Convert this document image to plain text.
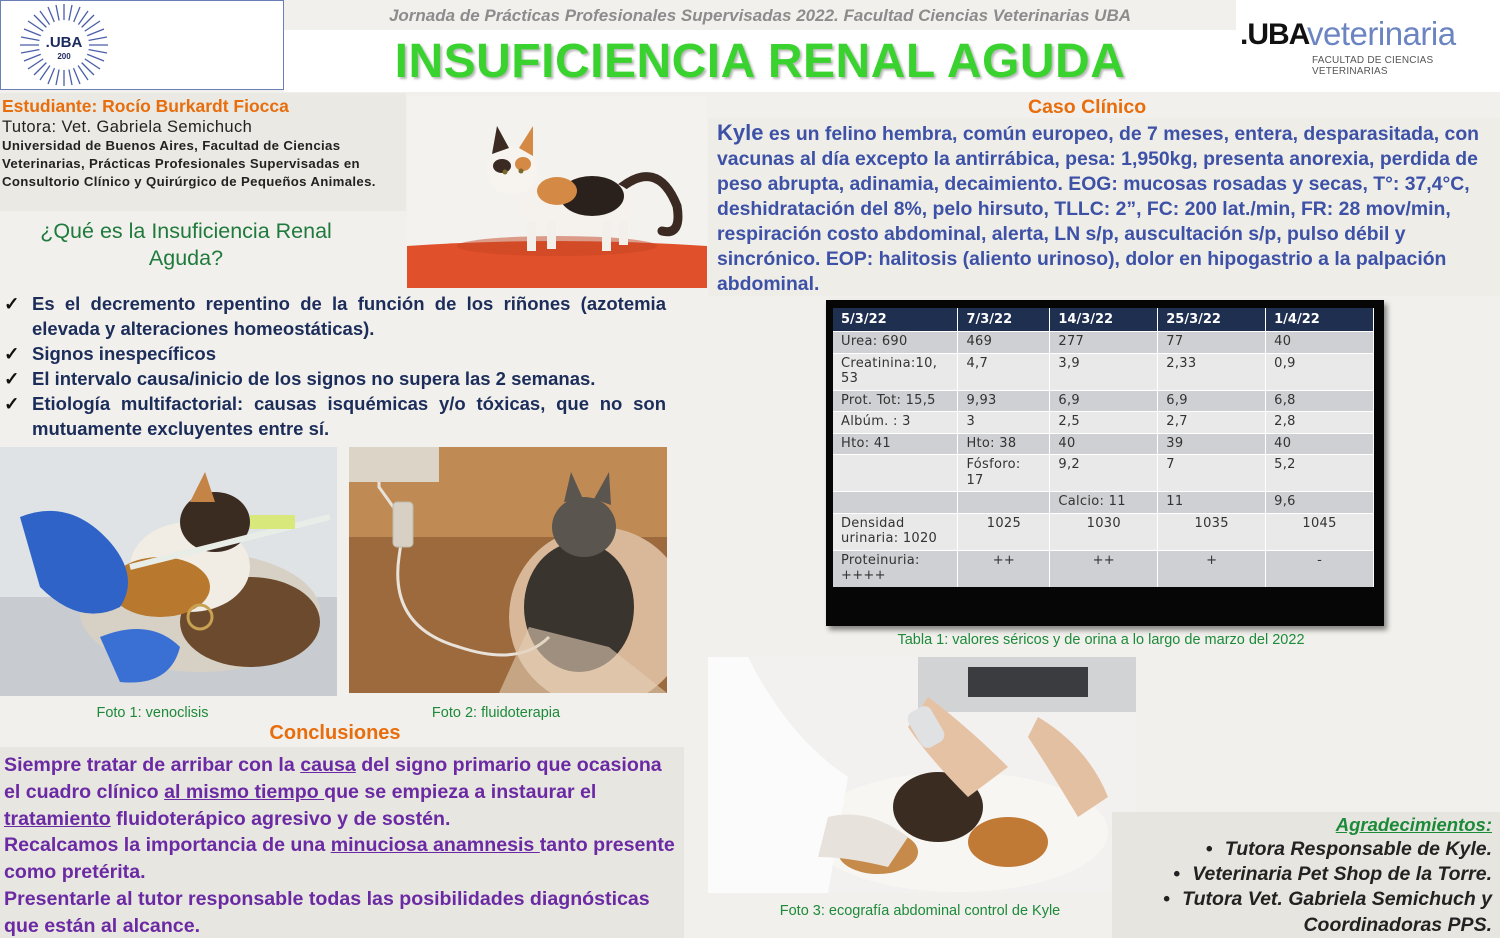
.UBA
200
Jornada de Prácticas Profesionales Supervisadas 2022. Facultad Ciencias Veterinarias UBA
INSUFICIENCIA RENAL AGUDA
.UBA
veterinaria
FACULTAD DE CIENCIAS VETERINARIAS
Estudiante: Rocío Burkardt Fiocca
Tutora: Vet. Gabriela Semichuch
Universidad de Buenos Aires, Facultad de Ciencias Veterinarias, Prácticas Profesionales Supervisadas en Consultorio Clínico y Quirúrgico de Pequeños Animales.
¿Qué es la Insuficiencia Renal
Aguda?
✓ Es el decremento repentino de la función de los riñones (azotemia elevada y alteraciones homeostáticas).
✓ Signos inespecíficos
✓ El intervalo causa/inicio de los signos no supera las 2 semanas.
✓ Etiología multifactorial: causas isquémicas y/o tóxicas, que no son mutuamente excluyentes entre sí.
Foto 1: venoclisis	Foto 2: fluidoterapia
Conclusiones
Siempre tratar de arribar con la causa del signo primario que ocasiona el cuadro clínico al mismo tiempo que se empieza a instaurar el tratamiento fluidoterápico agresivo y de sostén.
Recalcamos la importancia de una minuciosa anamnesis tanto presente como pretérita.
Presentarle al tutor responsable todas las posibilidades diagnósticas que están al alcance.
Caso Clínico
Kyle es un felino hembra, común europeo, de 7 meses, entera, desparasitada, con vacunas al día excepto la antirrábica, pesa: 1,950kg, presenta anorexia, perdida de peso abrupta, adinamia, decaimiento. EOG: mucosas rosadas y secas, T°: 37,4°C, deshidratación del 8%, pelo hirsuto, TLLC: 2”, FC: 200 lat./min, FR: 28 mov/min, respiración costo abdominal, alerta, LN s/p, auscultación s/p, pulso débil y sincrónico. EOP: halitosis (aliento urinoso), dolor en hipogastrio a la palpación abdominal.
5/3/22	7/3/22	14/3/22	25/3/22	1/4/22
Urea: 690	469	277	77	40
Creatinina:10,
53	4,7	3,9	2,33	0,9
Prot. Tot: 15,5	9,93	6,9	6,9	6,8
Albúm. : 3	3	2,5	2,7	2,8
Hto: 41	Hto: 38	40	39	40
	Fósforo:
17	9,2	7	5,2
		Calcio: 11	11	9,6
Densidad
urinaria: 1020	1025	1030	1035	1045
Proteinuria:
++++	++	++	+	-
Tabla 1: valores séricos y de orina a lo largo de marzo del 2022
Foto 3: ecografía abdominal control de Kyle
Agradecimientos:
• Tutora Responsable de Kyle.
• Veterinaria Pet Shop de la Torre.
• Tutora Vet. Gabriela Semichuch y Coordinadoras PPS.
